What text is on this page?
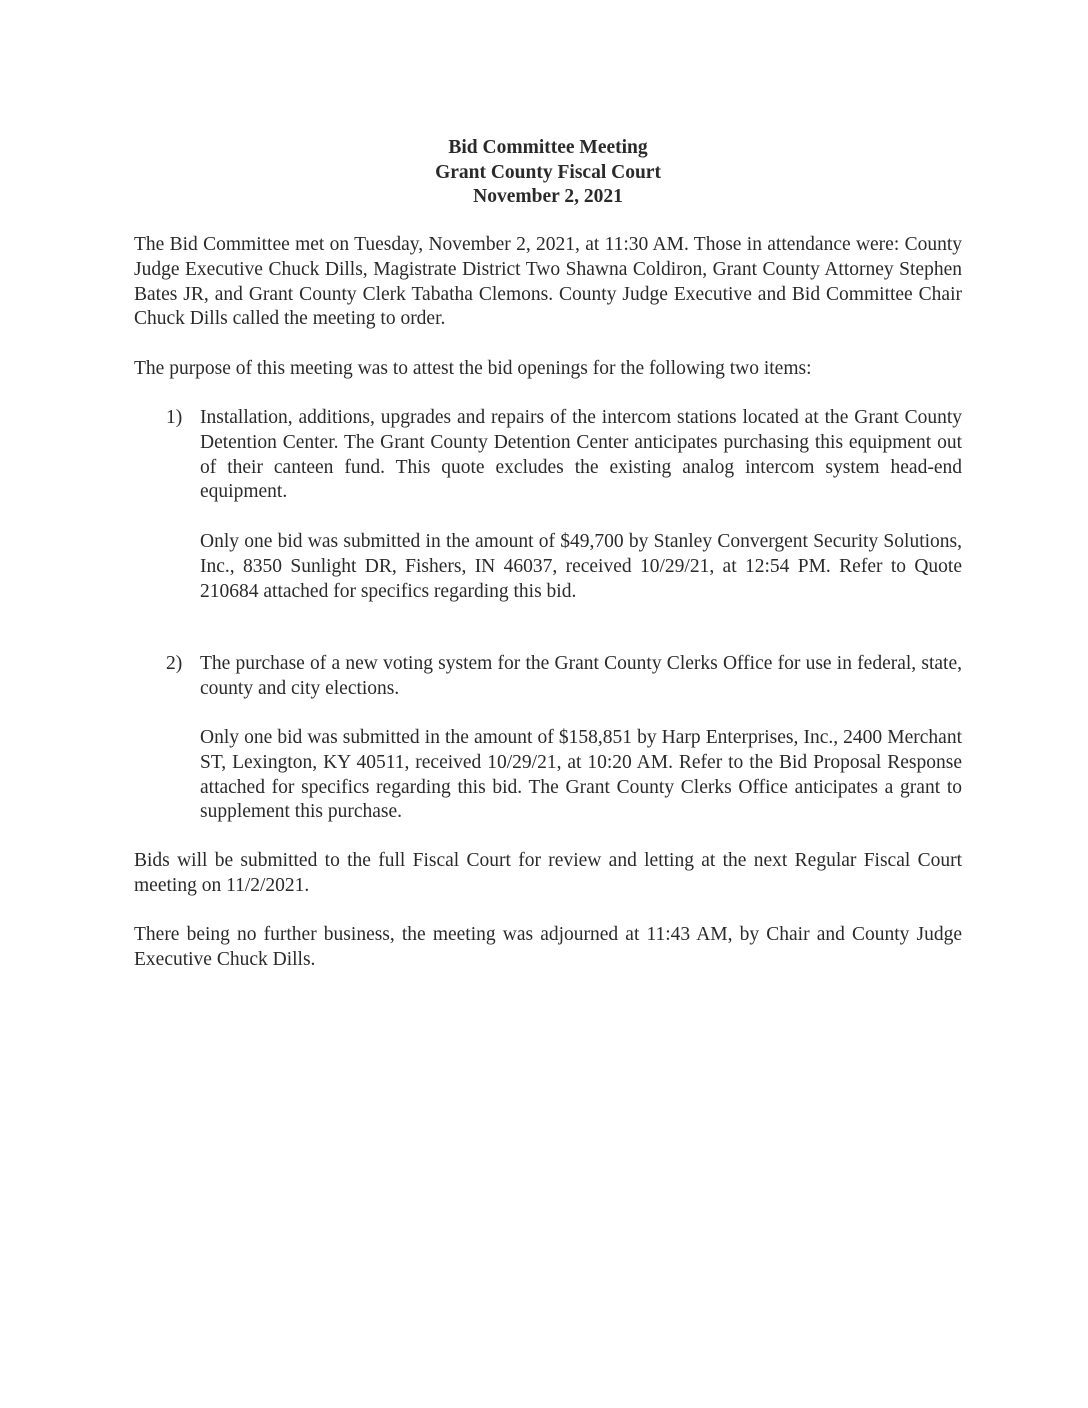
Bid Committee Meeting
Grant County Fiscal Court
November 2, 2021

The Bid Committee met on Tuesday, November 2, 2021, at 11:30 AM. Those in attendance were: County Judge Executive Chuck Dills, Magistrate District Two Shawna Coldiron, Grant County Attorney Stephen Bates JR, and Grant County Clerk Tabatha Clemons. County Judge Executive and Bid Committee Chair Chuck Dills called the meeting to order.

The purpose of this meeting was to attest the bid openings for the following two items:

1) Installation, additions, upgrades and repairs of the intercom stations located at the Grant County Detention Center. The Grant County Detention Center anticipates purchasing this equipment out of their canteen fund. This quote excludes the existing analog intercom system head-end equipment.

Only one bid was submitted in the amount of $49,700 by Stanley Convergent Security Solutions, Inc., 8350 Sunlight DR, Fishers, IN 46037, received 10/29/21, at 12:54 PM. Refer to Quote 210684 attached for specifics regarding this bid.

2) The purchase of a new voting system for the Grant County Clerks Office for use in federal, state, county and city elections.

Only one bid was submitted in the amount of $158,851 by Harp Enterprises, Inc., 2400 Merchant ST, Lexington, KY 40511, received 10/29/21, at 10:20 AM. Refer to the Bid Proposal Response attached for specifics regarding this bid. The Grant County Clerks Office anticipates a grant to supplement this purchase.

Bids will be submitted to the full Fiscal Court for review and letting at the next Regular Fiscal Court meeting on 11/2/2021.

There being no further business, the meeting was adjourned at 11:43 AM, by Chair and County Judge Executive Chuck Dills.
